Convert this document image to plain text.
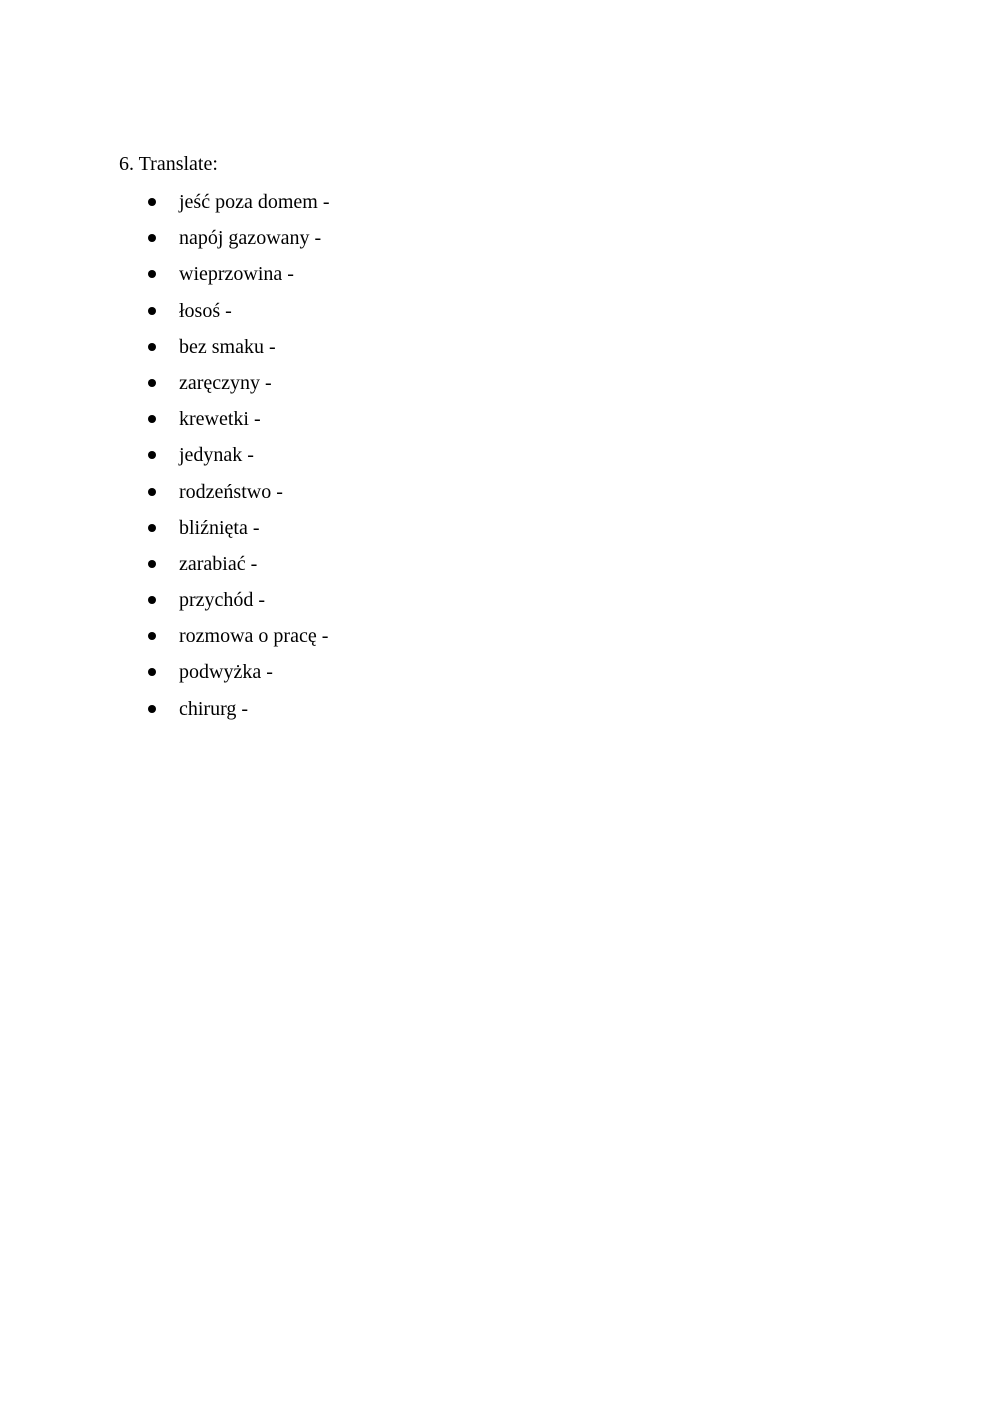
6. Translate:
jeść poza domem -
napój gazowany -
wieprzowina -
łosoś -
bez smaku -
zaręczyny -
krewetki -
jedynak -
rodzeństwo -
bliźnięta -
zarabiać -
przychód -
rozmowa o pracę -
podwyżka -
chirurg -
